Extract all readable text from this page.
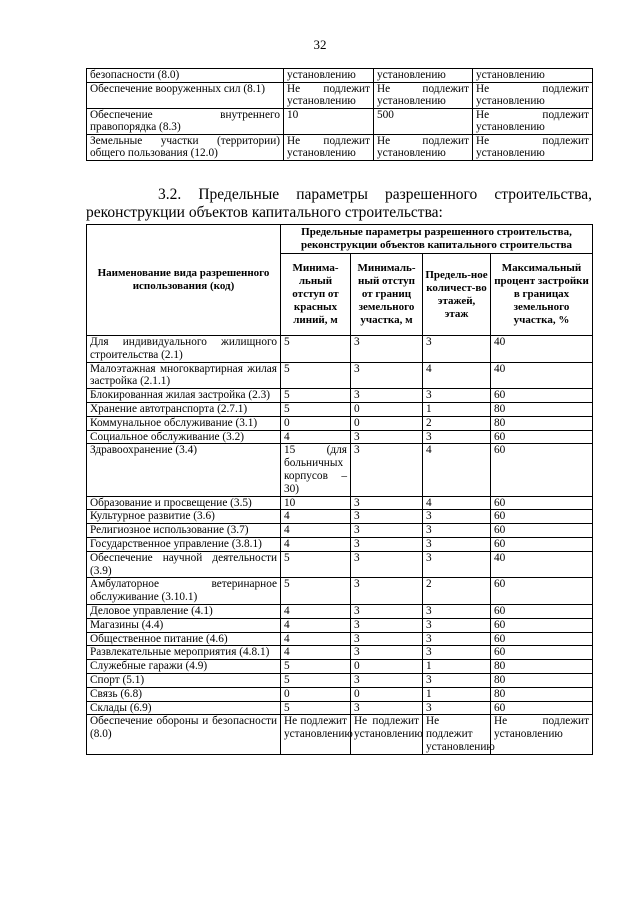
32
безопасности (8.0)	установлению	установлению	установлению
Обеспечение вооруженных сил (8.1)	Не подлежит установлению	Не подлежит установлению	Не подлежит установлению
Обеспечение внутреннего правопорядка (8.3)	10	500	Не подлежит установлению
Земельные участки (территории) общего пользования (12.0)	Не подлежит установлению	Не подлежит установлению	Не подлежит установлению
3.2. Предельные параметры разрешенного строительства,
реконструкции объектов капитального строительства:
Наименование вида разрешенного использования (код)	Предельные параметры разрешенного строительства, реконструкции объектов капитального строительства			
	Минима-льный отступ от красных линий, м	Минималь-ный отступ от границ земельного участка, м	Предель-ное количест-во этажей, этаж	Максимальный процент застройки в границах земельного участка, %
Для индивидуального жилищного строительства (2.1)	5	3	3	40
Малоэтажная многоквартирная жилая застройка (2.1.1)	5	3	4	40
Блокированная жилая застройка (2.3)	5	3	3	60
Хранение автотранспорта (2.7.1)	5	0	1	80
Коммунальное обслуживание (3.1)	0	0	2	80
Социальное обслуживание (3.2)	4	3	3	60
Здравоохранение (3.4)	15 (для больничных корпусов – 30)	3	4	60
Образование и просвещение (3.5)	10	3	4	60
Культурное развитие (3.6)	4	3	3	60
Религиозное использование (3.7)	4	3	3	60
Государственное управление (3.8.1)	4	3	3	60
Обеспечение научной деятельности (3.9)	5	3	3	40
Амбулаторное ветеринарное обслуживание (3.10.1)	5	3	2	60
Деловое управление (4.1)	4	3	3	60
Магазины (4.4)	4	3	3	60
Общественное питание (4.6)	4	3	3	60
Развлекательные мероприятия (4.8.1)	4	3	3	60
Служебные гаражи (4.9)	5	0	1	80
Спорт (5.1)	5	3	3	80
Связь (6.8)	0	0	1	80
Склады (6.9)	5	3	3	60
Обеспечение обороны и безопасности (8.0)	Не подлежит установлению	Не подлежит установлению	Не подлежит установлению	Не подлежит установлению
